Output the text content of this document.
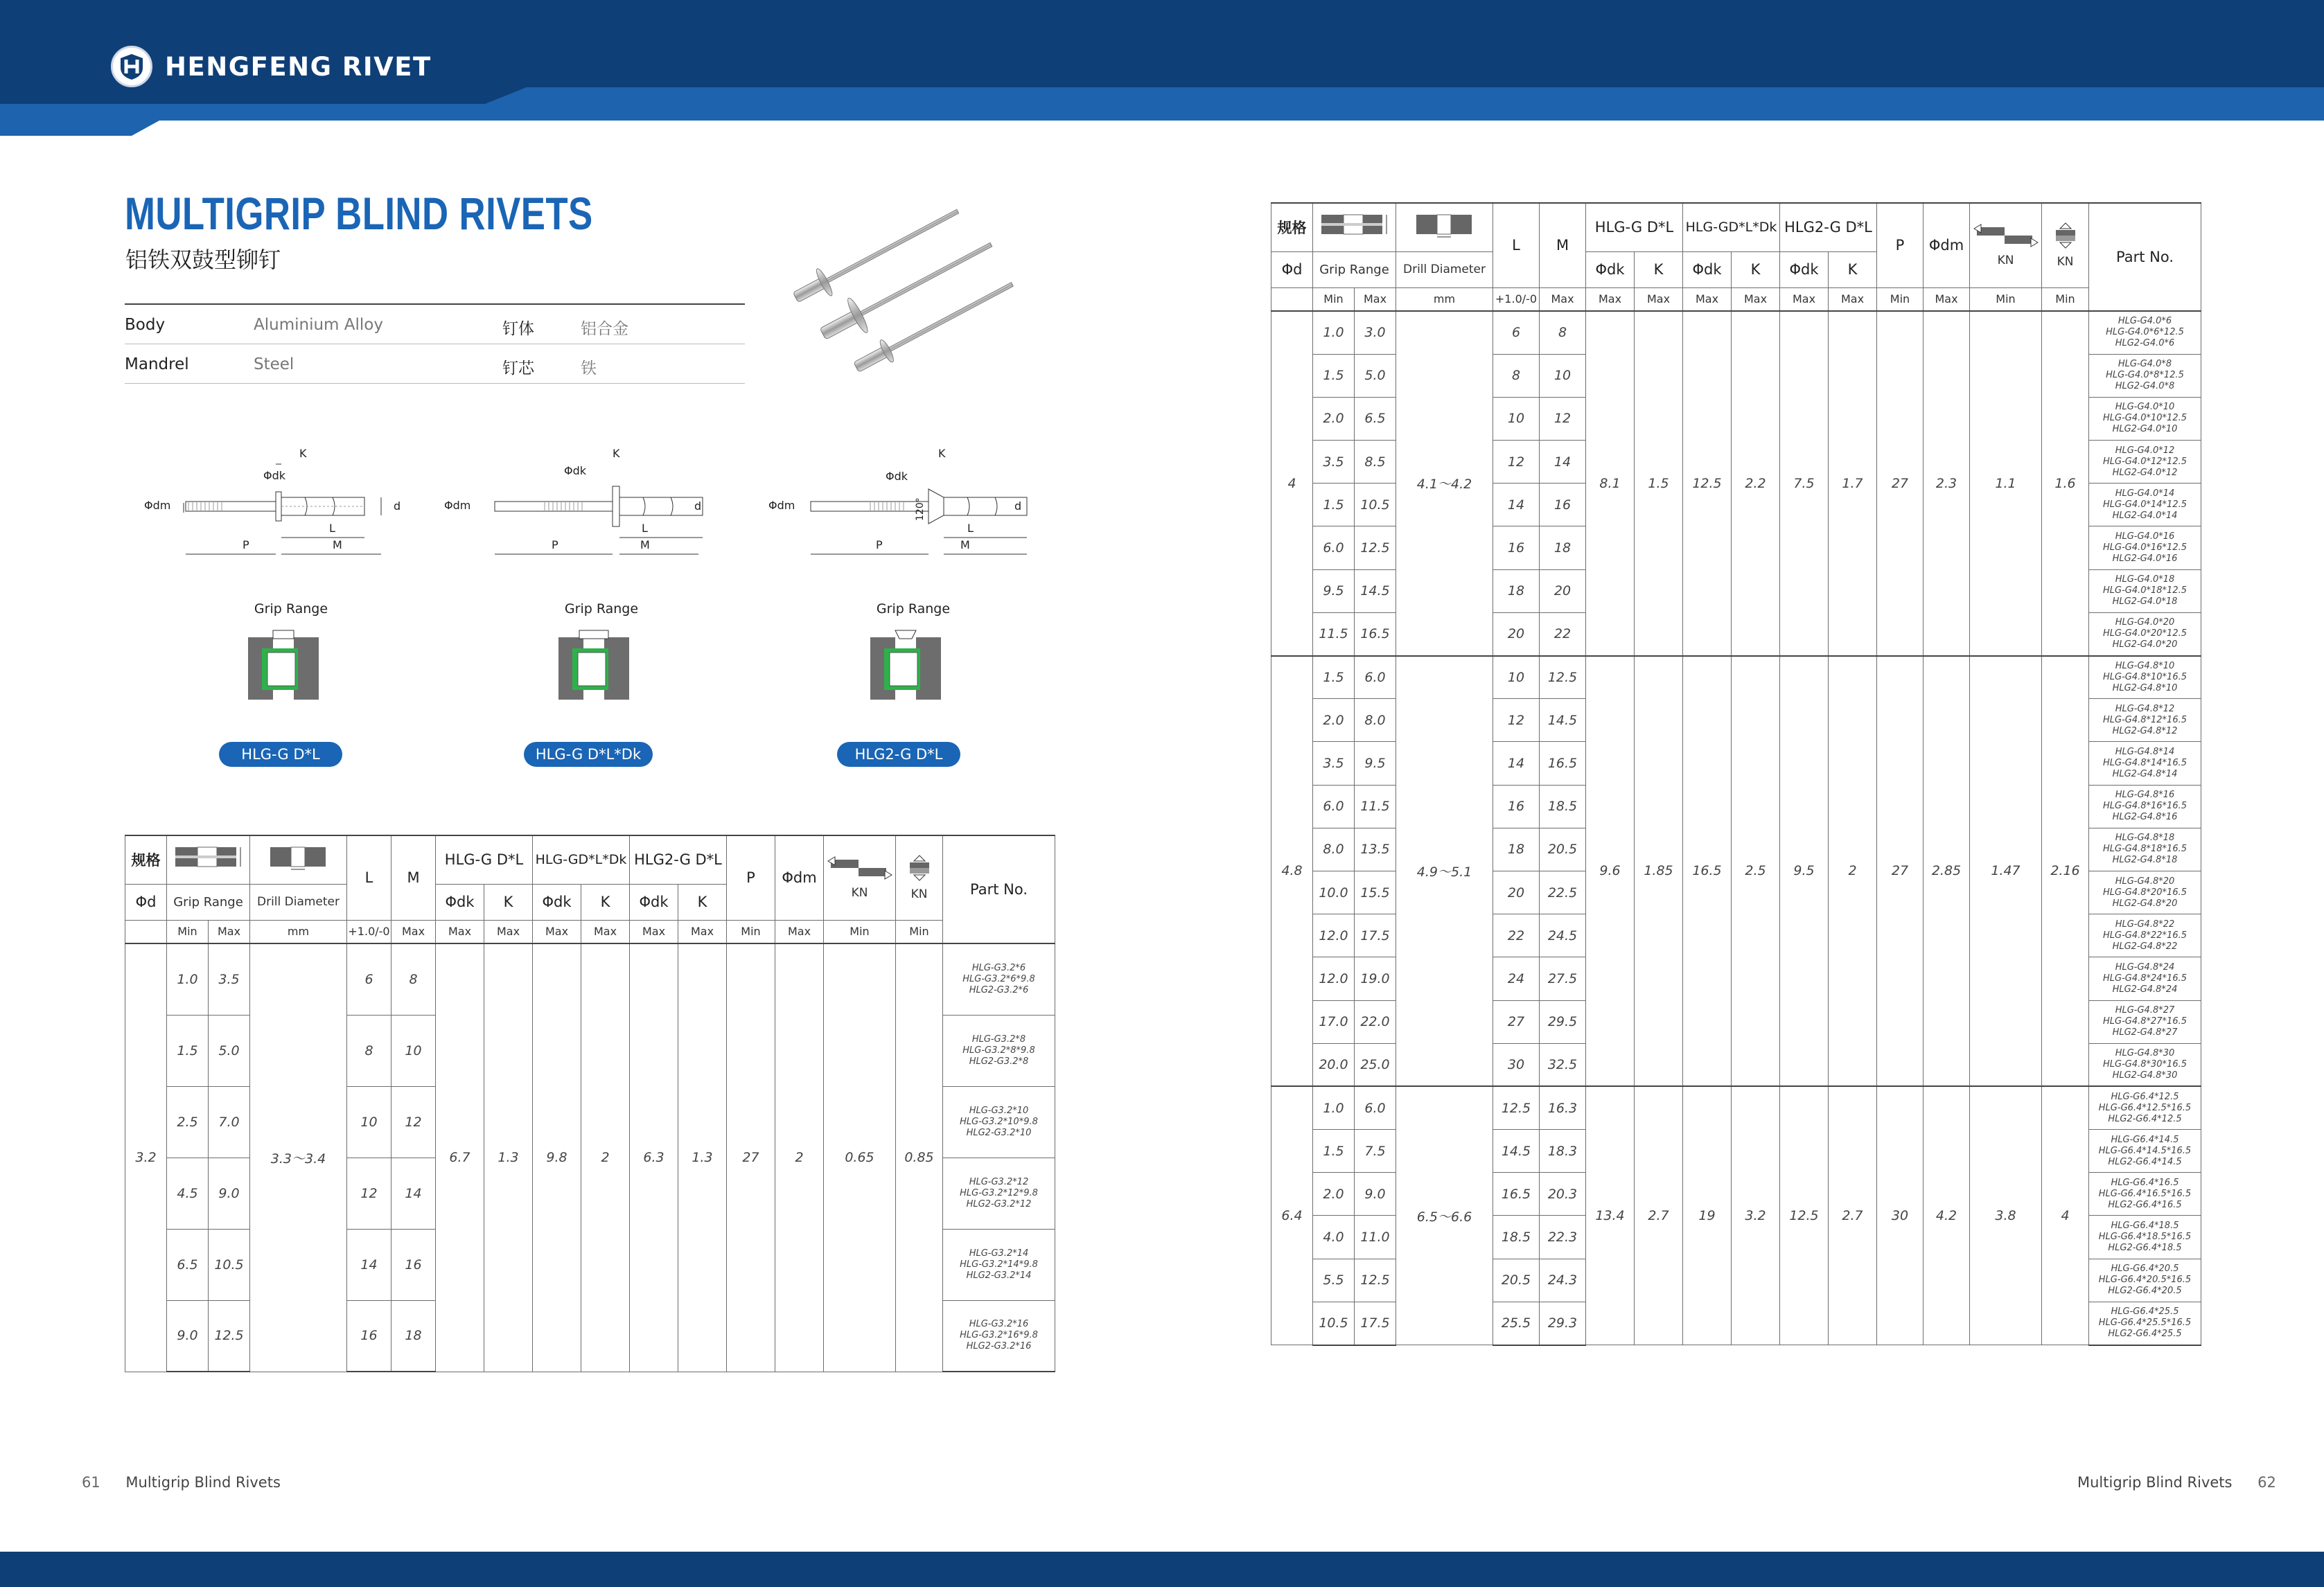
HENGFENG RIVET
MULTIGRIP BLIND RIVETS
铝铁双鼓型铆钉
Body	Aluminium Alloy	钉体	铝合金
Mandrel	Steel	钉芯	铁
Φdm
Φdk
K
d
L
P	M
Φdm
Φdk
K
d
L
P	M
Φdm
Φdk
K
120°	d
L
P	M
Grip Range	Grip Range	Grip Range
HLG-G D*L	HLG-G D*L*Dk	HLG2-G D*L
规格				L	M	HLG-G D*L		HLG-GD*L*Dk		HLG2-G D*L		P	Φdm	KN	KN	Part No.
Φd	Grip Range		Drill Diameter			Φdk	K	Φdk	K	Φdk	K					
	Min	Max	mm	+1.0/-0	Max	Max	Max	Max	Max	Max	Max	Min	Max	Min	Min	
3.2	1.0	3.5	3.3～3.4	6	8	6.7	1.3	9.8	2	6.3	1.3	27	2	0.65	0.85	HLG-G3.2*6
HLG-G3.2*6*9.8
HLG2-G3.2*6

	1.5	5.0		8	10											HLG-G3.2*8
HLG-G3.2*8*9.8
HLG2-G3.2*8

	2.5	7.0		10	12											HLG-G3.2*10
HLG-G3.2*10*9.8
HLG2-G3.2*10

	4.5	9.0		12	14											HLG-G3.2*12
HLG-G3.2*12*9.8
HLG2-G3.2*12

	6.5	10.5		14	16											HLG-G3.2*14
HLG-G3.2*14*9.8
HLG2-G3.2*14

	9.0	12.5		16	18											HLG-G3.2*16
HLG-G3.2*16*9.8
HLG2-G3.2*16
规格				L	M	HLG-G D*L		HLG-GD*L*Dk		HLG2-G D*L		P	Φdm	KN	KN	Part No.
Φd	Grip Range		Drill Diameter			Φdk	K	Φdk	K	Φdk	K					
	Min	Max	mm	+1.0/-0	Max	Max	Max	Max	Max	Max	Max	Min	Max	Min	Min	
4	1.0	3.0	4.1～4.2	6	8	8.1	1.5	12.5	2.2	7.5	1.7	27	2.3	1.1	1.6	HLG-G4.0*6
HLG-G4.0*6*12.5
HLG2-G4.0*6

	1.5	5.0		8	10											HLG-G4.0*8
HLG-G4.0*8*12.5
HLG2-G4.0*8

	2.0	6.5		10	12											HLG-G4.0*10
HLG-G4.0*10*12.5
HLG2-G4.0*10

	3.5	8.5		12	14											HLG-G4.0*12
HLG-G4.0*12*12.5
HLG2-G4.0*12

	1.5	10.5		14	16											HLG-G4.0*14
HLG-G4.0*14*12.5
HLG2-G4.0*14

	6.0	12.5		16	18											HLG-G4.0*16
HLG-G4.0*16*12.5
HLG2-G4.0*16

	9.5	14.5		18	20											HLG-G4.0*18
HLG-G4.0*18*12.5
HLG2-G4.0*18

	11.5	16.5		20	22											HLG-G4.0*20
HLG-G4.0*20*12.5
HLG2-G4.0*20

4.8	1.5	6.0	4.9～5.1	10	12.5	9.6	1.85	16.5	2.5	9.5	2	27	2.85	1.47	2.16	HLG-G4.8*10
HLG-G4.8*10*16.5
HLG2-G4.8*10

	2.0	8.0		12	14.5											HLG-G4.8*12
HLG-G4.8*12*16.5
HLG2-G4.8*12

	3.5	9.5		14	16.5											HLG-G4.8*14
HLG-G4.8*14*16.5
HLG2-G4.8*14

	6.0	11.5		16	18.5											HLG-G4.8*16
HLG-G4.8*16*16.5
HLG2-G4.8*16

	8.0	13.5		18	20.5											HLG-G4.8*18
HLG-G4.8*18*16.5
HLG2-G4.8*18

	10.0	15.5		20	22.5											HLG-G4.8*20
HLG-G4.8*20*16.5
HLG2-G4.8*20

	12.0	17.5		22	24.5											HLG-G4.8*22
HLG-G4.8*22*16.5
HLG2-G4.8*22

	12.0	19.0		24	27.5											HLG-G4.8*24
HLG-G4.8*24*16.5
HLG2-G4.8*24

	17.0	22.0		27	29.5											HLG-G4.8*27
HLG-G4.8*27*16.5
HLG2-G4.8*27

	20.0	25.0		30	32.5											HLG-G4.8*30
HLG-G4.8*30*16.5
HLG2-G4.8*30

6.4	1.0	6.0	6.5～6.6	12.5	16.3	13.4	2.7	19	3.2	12.5	2.7	30	4.2	3.8	4	HLG-G6.4*12.5
HLG-G6.4*12.5*16.5
HLG2-G6.4*12.5

	1.5	7.5		14.5	18.3											HLG-G6.4*14.5
HLG-G6.4*14.5*16.5
HLG2-G6.4*14.5

	2.0	9.0		16.5	20.3											HLG-G6.4*16.5
HLG-G6.4*16.5*16.5
HLG2-G6.4*16.5

	4.0	11.0		18.5	22.3											HLG-G6.4*18.5
HLG-G6.4*18.5*16.5
HLG2-G6.4*18.5

	5.5	12.5		20.5	24.3											HLG-G6.4*20.5
HLG-G6.4*20.5*16.5
HLG2-G6.4*20.5

	10.5	17.5		25.5	29.3											HLG-G6.4*25.5
HLG-G6.4*25.5*16.5
HLG2-G6.4*25.5
61 Multigrip Blind Rivets	Multigrip Blind Rivets 62
